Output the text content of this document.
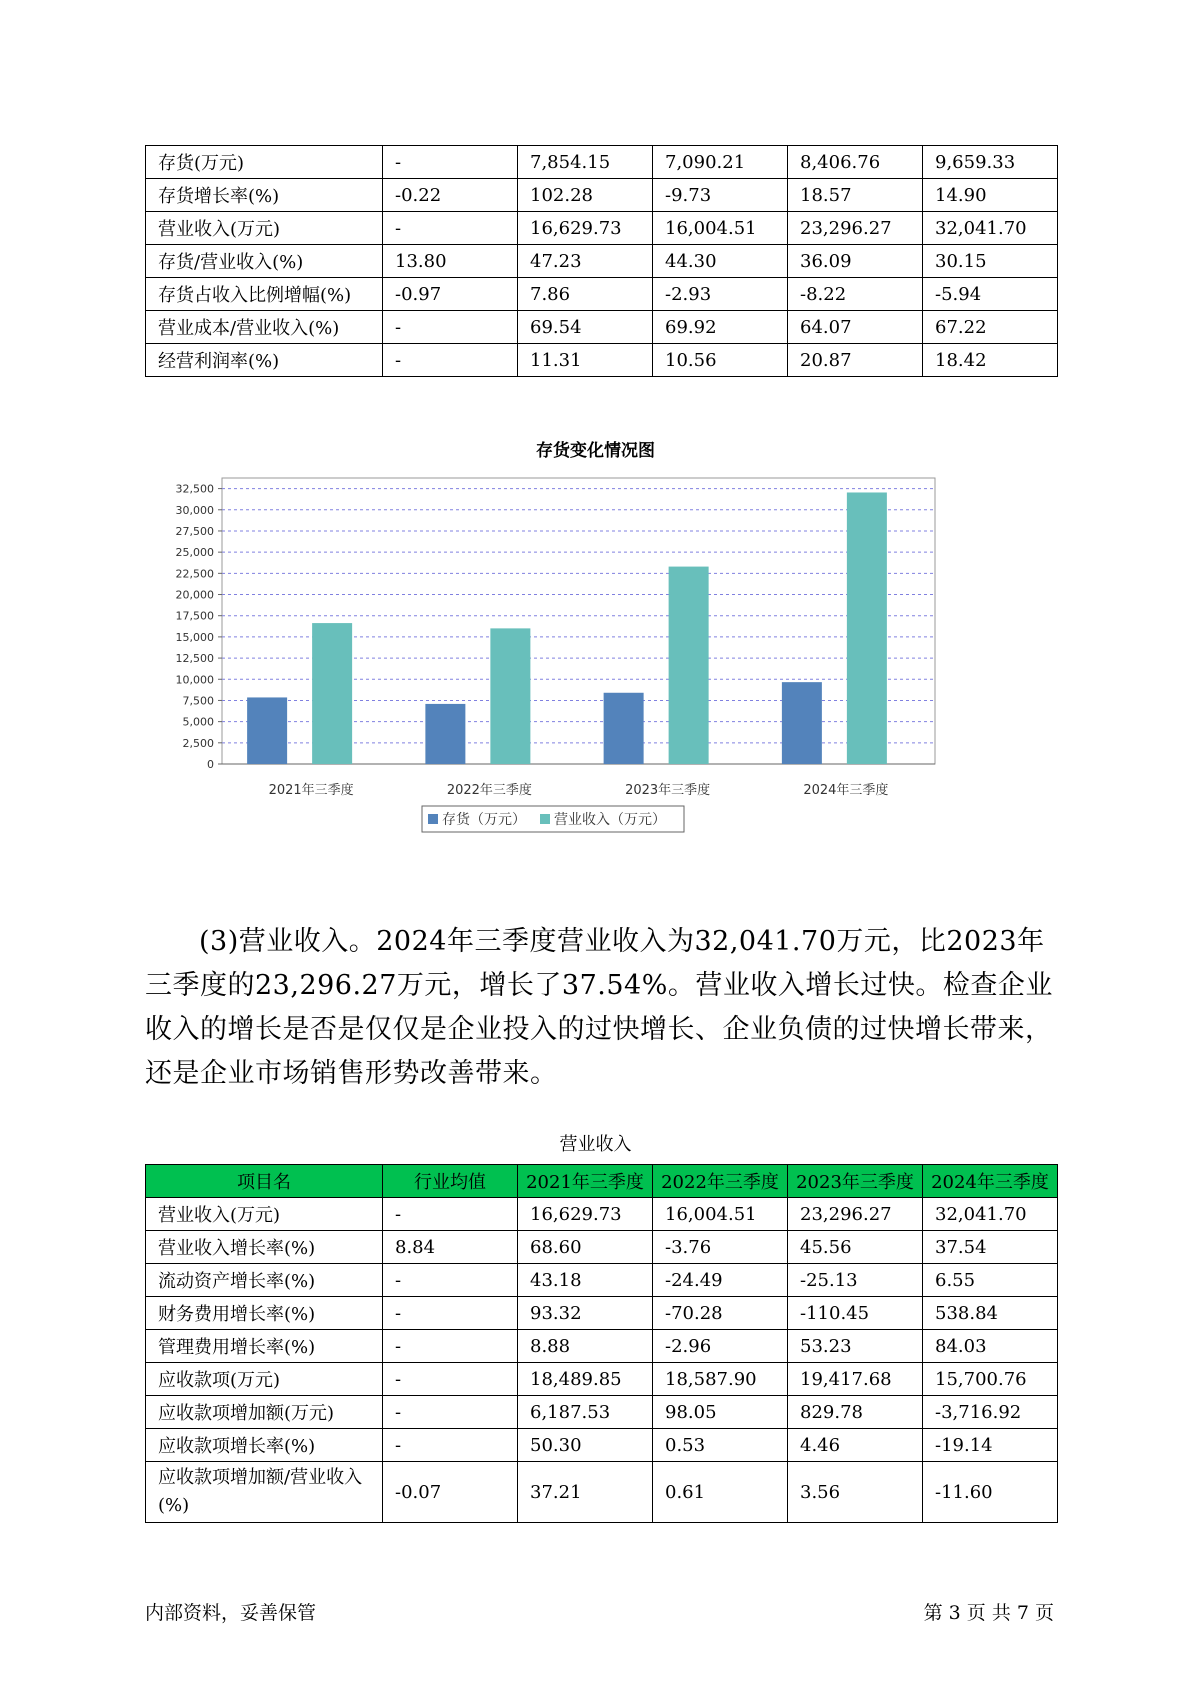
存货(万元)	-	7,854.15	7,090.21	8,406.76	9,659.33
存货增长率(%)	-0.22	102.28	-9.73	18.57	14.90
营业收入(万元)	-	16,629.73	16,004.51	23,296.27	32,041.70
存货/营业收入(%)	13.80	47.23	44.30	36.09	30.15
存货占收入比例增幅(%)	-0.97	7.86	-2.93	-8.22	-5.94
营业成本/营业收入(%)	-	69.54	69.92	64.07	67.22
经营利润率(%)	-	11.31	10.56	20.87	18.42
存货变化情况图
0
2,500
5,000
7,500
10,000
12,500
15,000
17,500
20,000
22,500
25,000
27,500
30,000
32,500
2021年三季度	2022年三季度	2023年三季度	2024年三季度
存货（万元） 营业收入（万元）
(3)营业收入。2024年三季度营业收入为32,041.70万元，比2023年三季度的23,296.27万元，增长了37.54%。营业收入增长过快。检查企业收入的增长是否是仅仅是企业投入的过快增长、企业负债的过快增长带来，还是企业市场销售形势改善带来。
营业收入
项目名	行业均值	2021年三季度	2022年三季度	2023年三季度	2024年三季度
营业收入(万元)	-	16,629.73	16,004.51	23,296.27	32,041.70
营业收入增长率(%)	8.84	68.60	-3.76	45.56	37.54
流动资产增长率(%)	-	43.18	-24.49	-25.13	6.55
财务费用增长率(%)	-	93.32	-70.28	-110.45	538.84
管理费用增长率(%)	-	8.88	-2.96	53.23	84.03
应收款项(万元)	-	18,489.85	18,587.90	19,417.68	15,700.76
应收款项增加额(万元)	-	6,187.53	98.05	829.78	-3,716.92
应收款项增长率(%)	-	50.30	0.53	4.46	-19.14
应收款项增加额/营业收入(%)	-0.07	37.21	0.61	3.56	-11.60
内部资料，妥善保管	第 3 页 共 7 页
